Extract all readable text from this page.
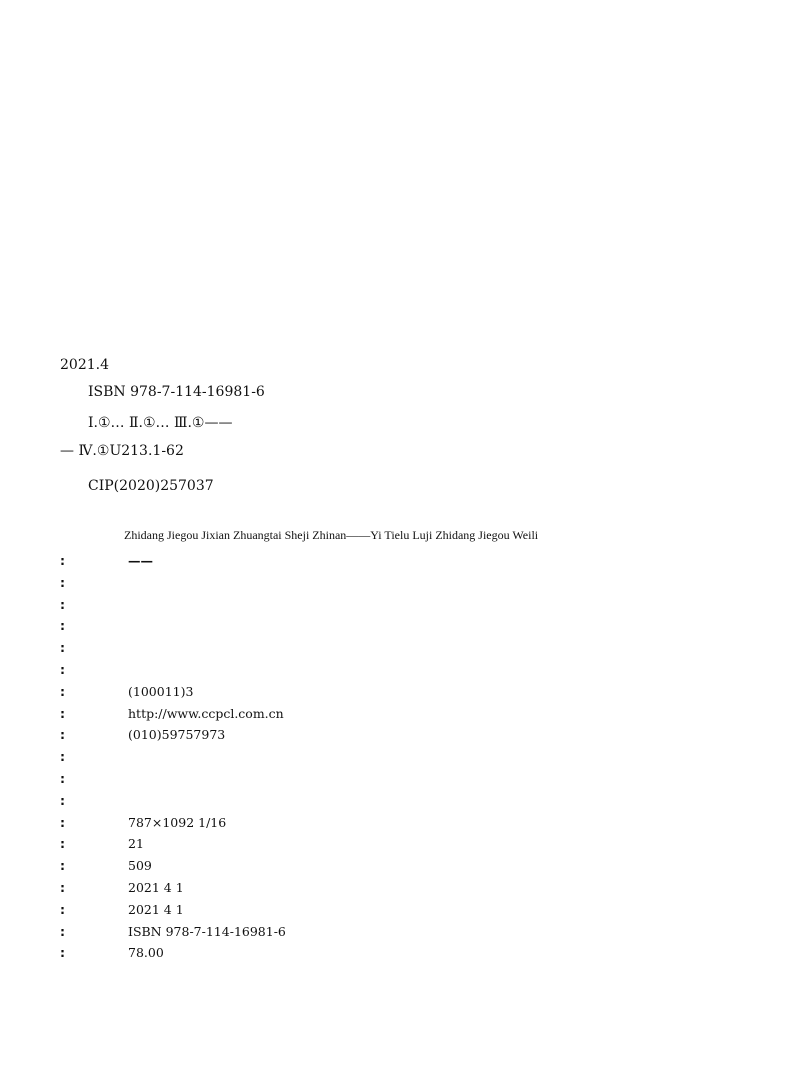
2021.4
ISBN 978-7-114-16981-6
Ⅰ.①… Ⅱ.①… Ⅲ.①——
— Ⅳ.①U213.1-62
CIP(2020)257037
Zhidang Jiegou Jixian Zhuangtai Sheji Zhinan——Yi Tielu Luji Zhidang Jiegou Weili
:	——
:
:
:
:
:
:	(100011)3
:	http://www.ccpcl.com.cn
:	(010)59757973
:
:
:
:	787×1092 1/16
:	21
:	509
:	2021 4 1
:	2021 4 1
:	ISBN 978-7-114-16981-6
:	78.00
